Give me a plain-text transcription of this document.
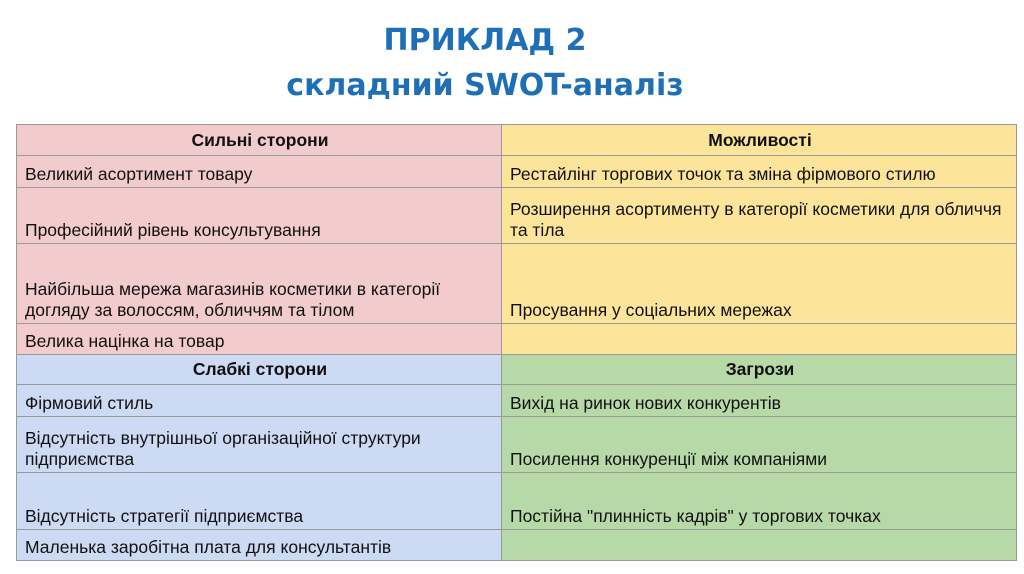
ПРИКЛАД 2
складний SWOT-аналіз
Сильні сторони	Можливості
Великий асортимент товару	Рестайлінг торгових точок та зміна фірмового стилю
Професійний рівень консультування	Розширення асортименту в категорії косметики для обличчя та тіла
Найбільша мережа магазинів косметики в категорії догляду за волоссям, обличчям та тілом	Просування у соціальних мережах
Велика націнка на товар	
Слабкі сторони	Загрози
Фірмовий стиль	Вихід на ринок нових конкурентів
Відсутність внутрішньої організаційної структури підприємства	Посилення конкуренції між компаніями
Відсутність стратегії підприємства	Постійна "плинність кадрів" у торгових точках
Маленька заробітна плата для консультантів	
